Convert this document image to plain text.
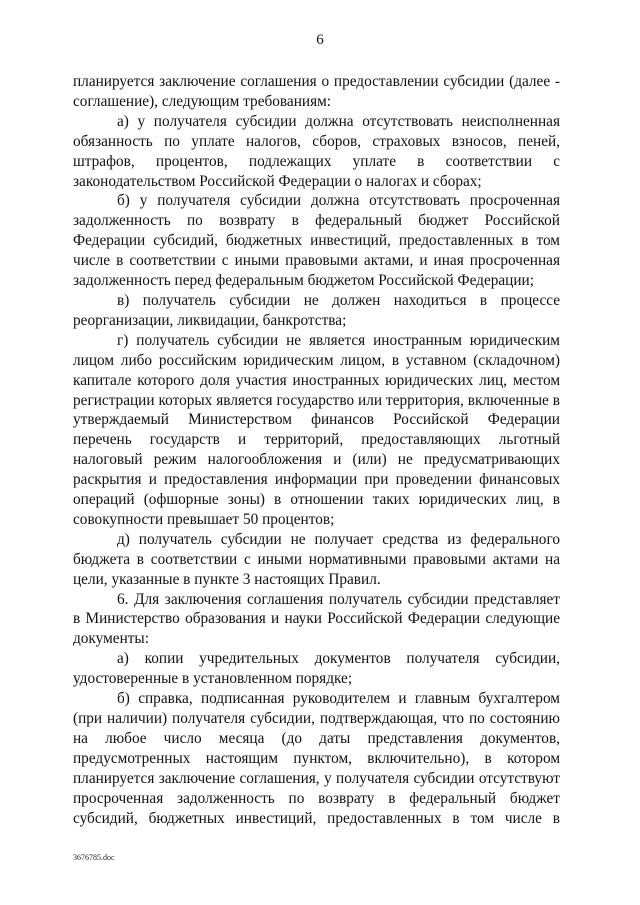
6

планируется заключение соглашения о предоставлении субсидии (далее - соглашение), следующим требованиям:

а) у получателя субсидии должна отсутствовать неисполненная обязанность по уплате налогов, сборов, страховых взносов, пеней, штрафов, процентов, подлежащих уплате в соответствии с законодательством Российской Федерации о налогах и сборах;

б) у получателя субсидии должна отсутствовать просроченная задолженность по возврату в федеральный бюджет Российской Федерации субсидий, бюджетных инвестиций, предоставленных в том числе в соответствии с иными правовыми актами, и иная просроченная задолженность перед федеральным бюджетом Российской Федерации;

в) получатель субсидии не должен находиться в процессе реорганизации, ликвидации, банкротства;

г) получатель субсидии не является иностранным юридическим лицом либо российским юридическим лицом, в уставном (складочном) капитале которого доля участия иностранных юридических лиц, местом регистрации которых является государство или территория, включенные в утверждаемый Министерством финансов Российской Федерации перечень государств и территорий, предоставляющих льготный налоговый режим налогообложения и (или) не предусматривающих раскрытия и предоставления информации при проведении финансовых операций (офшорные зоны) в отношении таких юридических лиц, в совокупности превышает 50 процентов;

д) получатель субсидии не получает средства из федерального бюджета в соответствии с иными нормативными правовыми актами на цели, указанные в пункте 3 настоящих Правил.

6. Для заключения соглашения получатель субсидии представляет в Министерство образования и науки Российской Федерации следующие документы:

а) копии учредительных документов получателя субсидии, удостоверенные в установленном порядке;

б) справка, подписанная руководителем и главным бухгалтером (при наличии) получателя субсидии, подтверждающая, что по состоянию на любое число месяца (до даты представления документов, предусмотренных настоящим пунктом, включительно), в котором планируется заключение соглашения, у получателя субсидии отсутствуют просроченная задолженность по возврату в федеральный бюджет субсидий, бюджетных инвестиций, предоставленных в том числе в

3676785.doc
